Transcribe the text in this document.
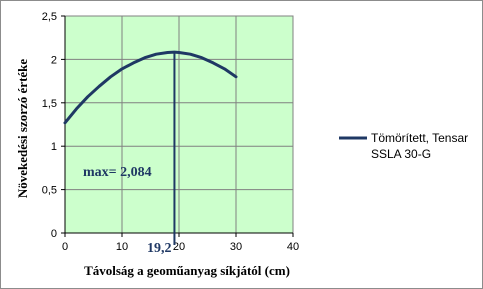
0	10	20	30	40
0
0,5
1
1,5
2
2,5
max= 2,084
19,2
Távolság a geoműanyag síkjától (cm)
Növekedési szorzó értéke	Tömörített, Tensar
SSLA 30-G
